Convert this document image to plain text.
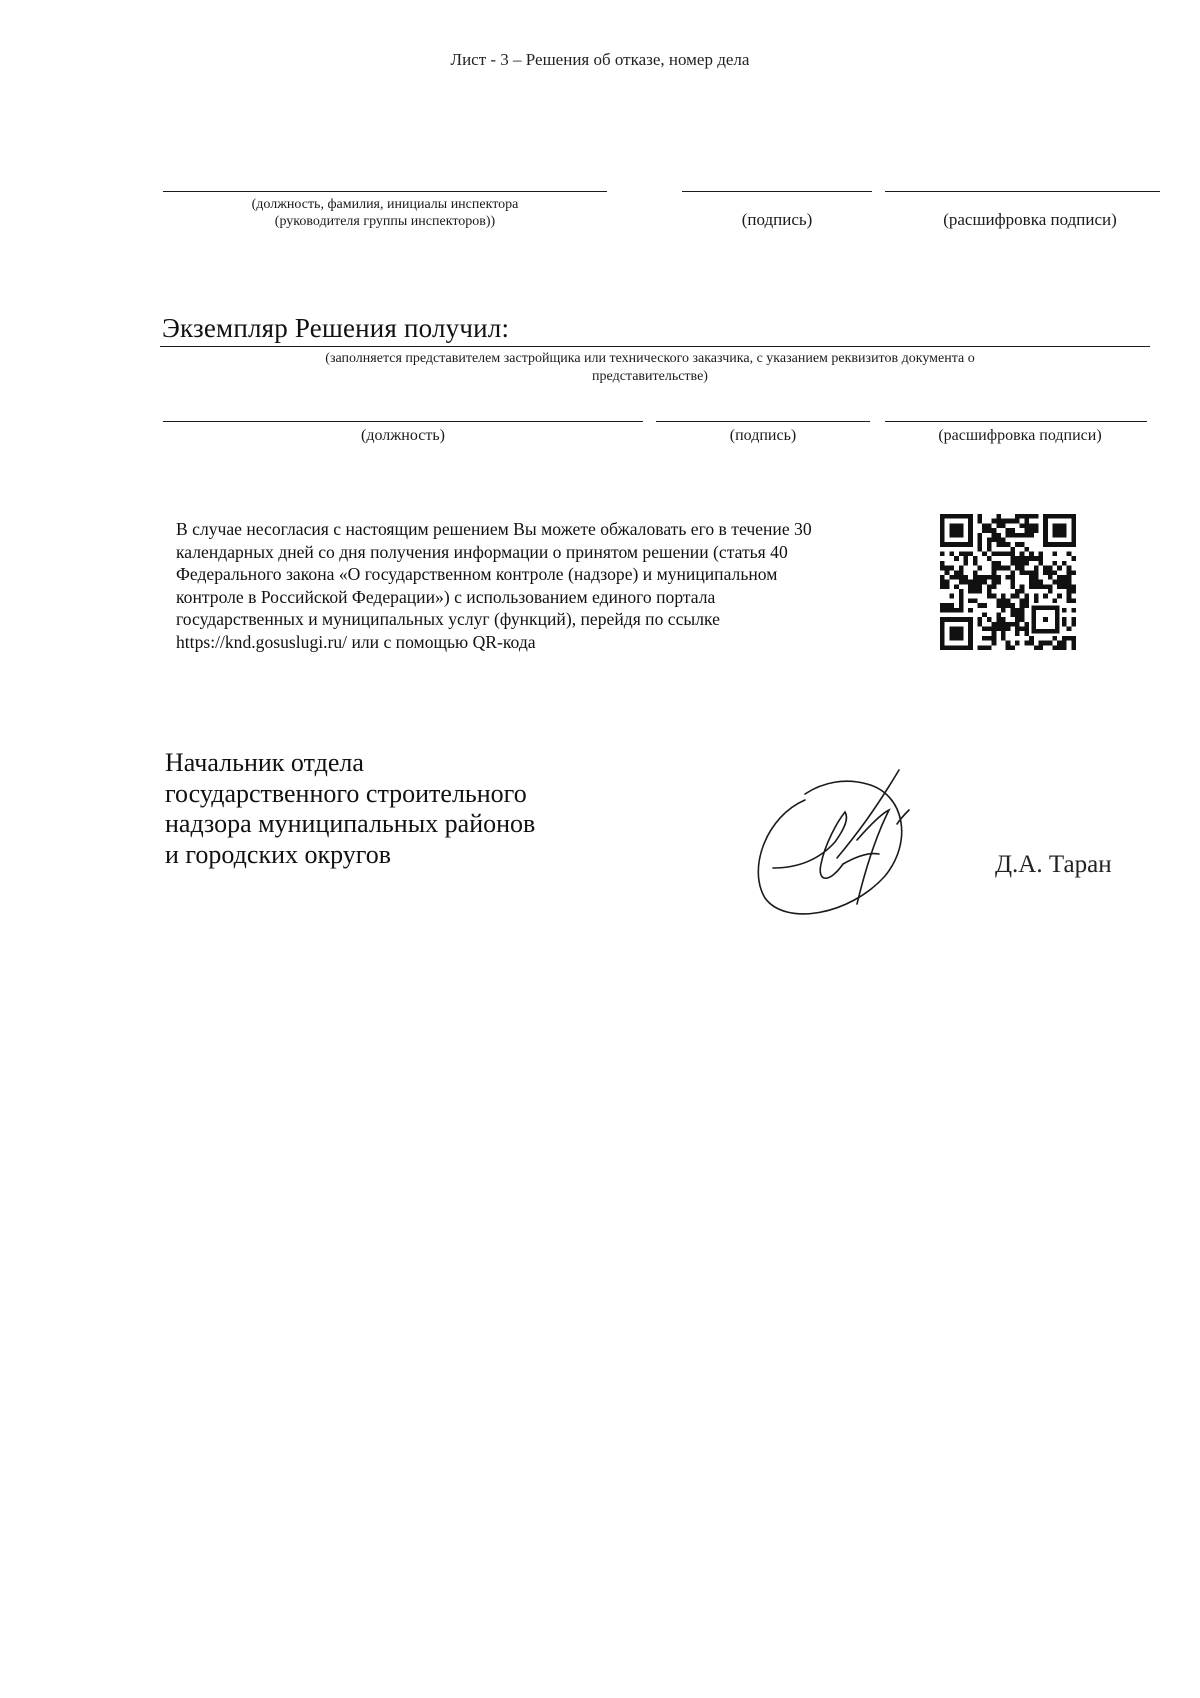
Лист - 3 – Решения об отказе, номер дела
(должность, фамилия, инициалы инспектора
(руководителя группы инспекторов))	(подпись)	(расшифровка подписи)
Экземпляр Решения получил:
(заполняется представителем застройщика или технического заказчика, с указанием реквизитов документа о
представительстве)
(должность)	(подпись)	(расшифровка подписи)
В случае несогласия с настоящим решением Вы можете обжаловать его в течение 30
календарных дней со дня получения информации о принятом решении (статья 40
Федерального закона «О государственном контроле (надзоре) и муниципальном
контроле в Российской Федерации») с использованием единого портала
государственных и муниципальных услуг (функций), перейдя по ссылке
https://knd.gosuslugi.ru/ или с помощью QR-кода
Начальник отдела
государственного строительного
надзора муниципальных районов
и городских округов	Д.А. Таран
